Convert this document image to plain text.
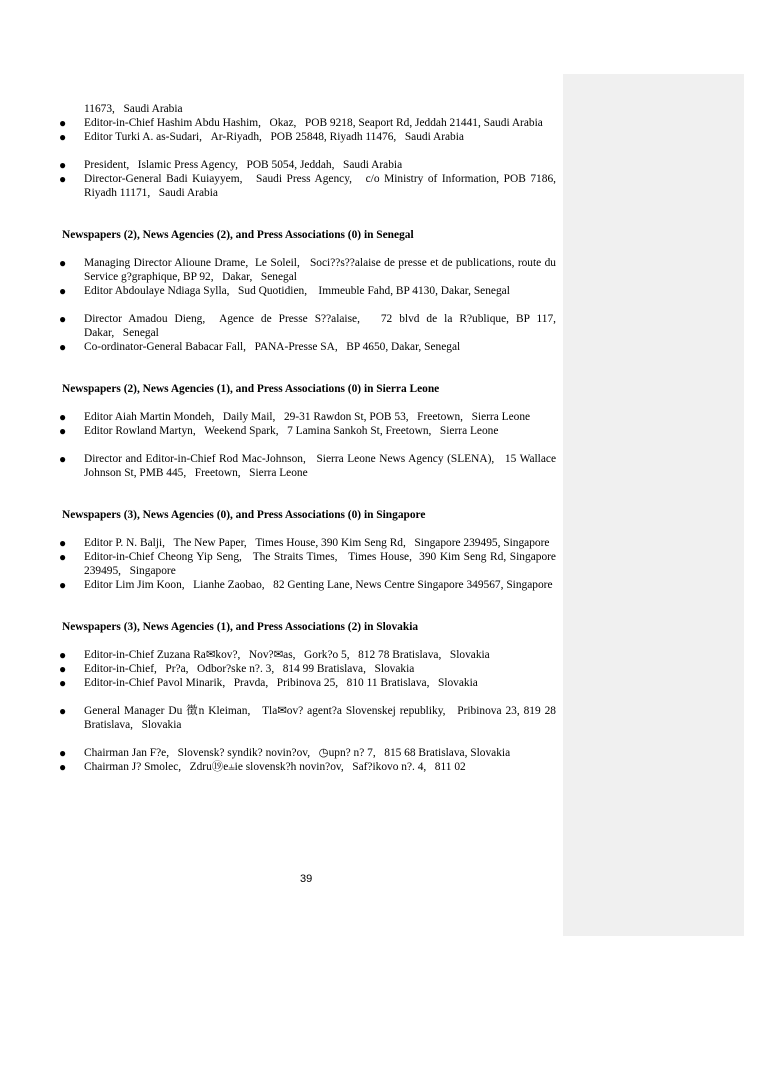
11673,   Saudi Arabia
● Editor-in-Chief Hashim Abdu Hashim,   Okaz,   POB 9218, Seaport Rd, Jeddah 21441, Saudi Arabia
● Editor Turki A. as-Sudari,   Ar-Riyadh,   POB 25848, Riyadh 11476,   Saudi Arabia
● President,   Islamic Press Agency,   POB 5054, Jeddah,   Saudi Arabia
● Director-General Badi Kuiayyem,   Saudi Press Agency,   c/o Ministry of Information, POB 7186, Riyadh 11171,   Saudi Arabia
Newspapers (2), News Agencies (2), and Press Associations (0) in Senegal
● Managing Director Alioune Drame,  Le Soleil,   Soci??s??alaise de presse et de publications, route du Service g?graphique, BP 92,   Dakar,   Senegal
● Editor Abdoulaye Ndiaga Sylla,   Sud Quotidien,    Immeuble Fahd, BP 4130, Dakar, Senegal
● Director Amadou Dieng,  Agence de Presse S??alaise,   72 blvd de la R?ublique, BP 117, Dakar,   Senegal
● Co-ordinator-General Babacar Fall,   PANA-Presse SA,   BP 4650, Dakar, Senegal
Newspapers (2), News Agencies (1), and Press Associations (0) in Sierra Leone
● Editor Aiah Martin Mondeh,   Daily Mail,   29-31 Rawdon St, POB 53,   Freetown,   Sierra Leone
● Editor Rowland Martyn,   Weekend Spark,   7 Lamina Sankoh St, Freetown,   Sierra Leone
● Director and Editor-in-Chief Rod Mac-Johnson,   Sierra Leone News Agency (SLENA),   15 Wallace Johnson St, PMB 445,   Freetown,   Sierra Leone
Newspapers (3), News Agencies (0), and Press Associations (0) in Singapore
● Editor P. N. Balji,   The New Paper,   Times House, 390 Kim Seng Rd,   Singapore 239495, Singapore
● Editor-in-Chief Cheong Yip Seng,   The Straits Times,   Times House,  390 Kim Seng Rd, Singapore 239495,   Singapore
● Editor Lim Jim Koon,   Lianhe Zaobao,   82 Genting Lane, News Centre Singapore 349567, Singapore
Newspapers (3), News Agencies (1), and Press Associations (2) in Slovakia
● Editor-in-Chief Zuzana Ra✉kov?,   Nov?✉as,   Gork?o 5,   812 78 Bratislava,   Slovakia
● Editor-in-Chief,   Pr?a,   Odbor?ske n?. 3,   814 99 Bratislava,   Slovakia
● Editor-in-Chief Pavol Minarik,   Pravda,   Pribinova 25,   810 11 Bratislava,   Slovakia
● General Manager Du 徴n Kleiman,   Tla✉ov? agent?a Slovenskej republiky,   Pribinova 23, 819 28 Bratislava,   Slovakia
● Chairman Jan F?e,   Slovensk? syndik? novin?ov,   ◷upn? n? 7,   815 68 Bratislava, Slovakia
● Chairman J? Smolec,   Zdru⑲e⫨ie slovensk?h novin?ov,   Saf?ikovo n?. 4,   811 02
39
